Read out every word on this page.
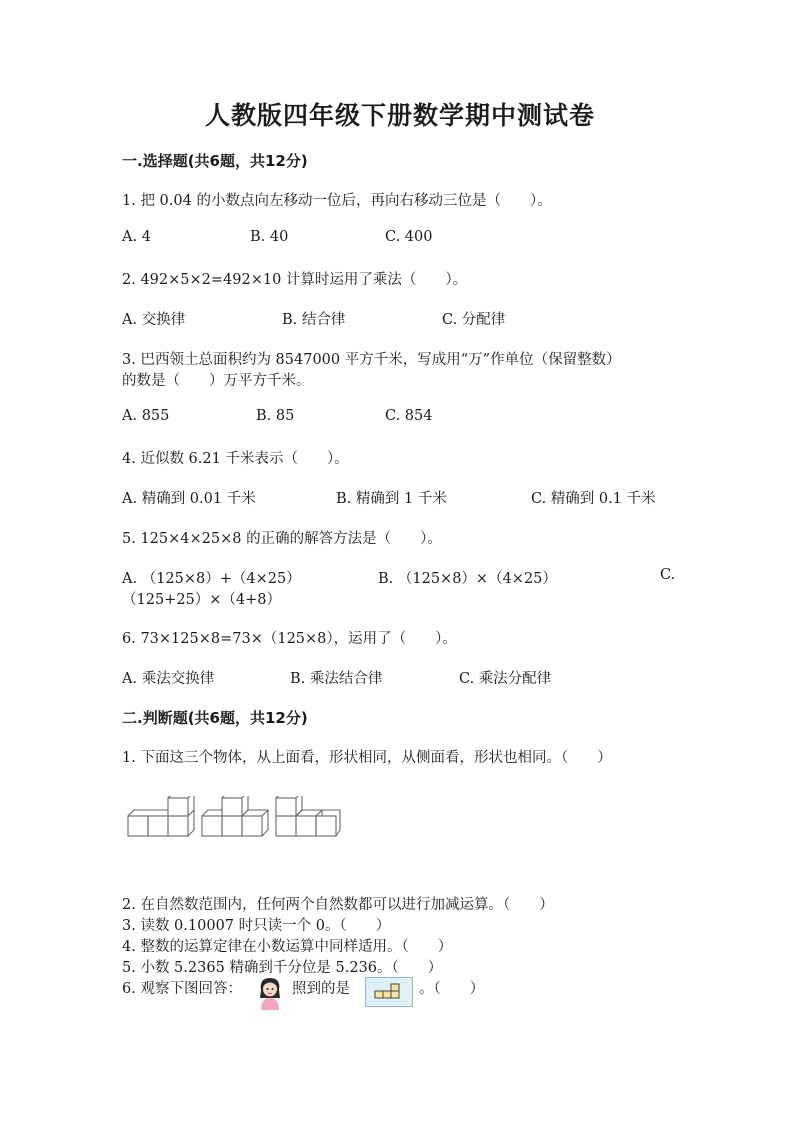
人教版四年级下册数学期中测试卷
一.选择题(共6题，共12分)
1. 把 0.04 的小数点向左移动一位后，再向右移动三位是（　　）。
A. 4	B. 40	C. 400
2. 492×5×2=492×10 计算时运用了乘法（　　）。
A. 交换律	B. 结合律	C. 分配律
3. 巴西领土总面积约为 8547000 平方千米，写成用“万”作单位（保留整数）
的数是（　　）万平方千米。
A. 855	B. 85	C. 854
4. 近似数 6.21 千米表示（　　）。
A. 精确到 0.01 千米	B. 精确到 1 千米	C. 精确到 0.1 千米
5. 125×4×25×8 的正确的解答方法是（　　）。
A. （125×8）+（4×25）	B. （125×8）×（4×25）	C.
（125+25）×（4+8）
6. 73×125×8=73×（125×8），运用了（　　）。
A. 乘法交换律	B. 乘法结合律	C. 乘法分配律
二.判断题(共6题，共12分)
1. 下面这三个物体，从上面看，形状相同，从侧面看，形状也相同。（　　）
2. 在自然数范围内，任何两个自然数都可以进行加减运算。（　　）
3. 读数 0.10007 时只读一个 0。（　　）
4. 整数的运算定律在小数运算中同样适用。（　　）
5. 小数 5.2365 精确到千分位是 5.236。（　　）
6. 观察下图回答：	照到的是	。（　　）
